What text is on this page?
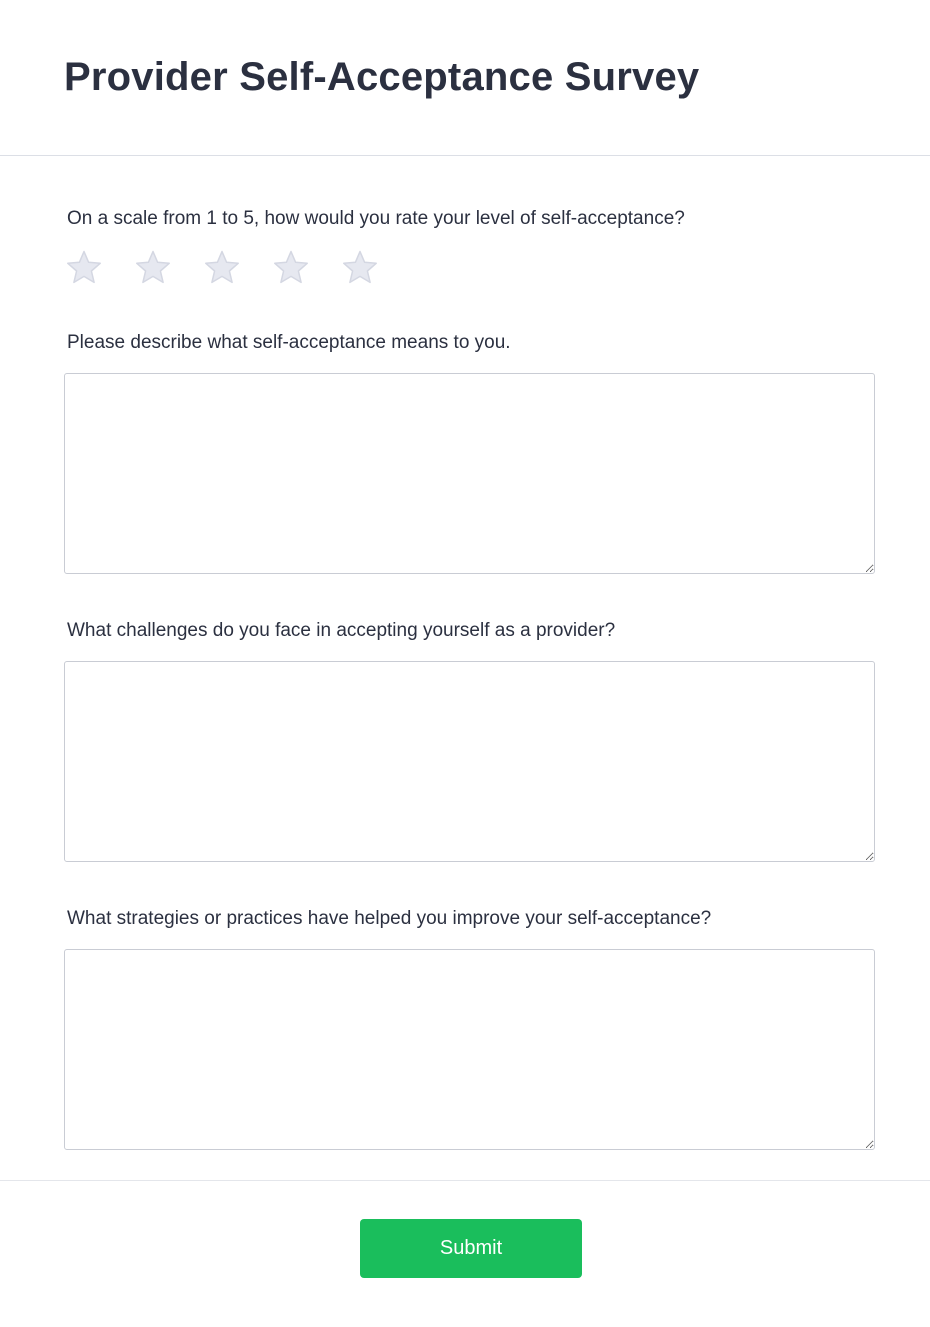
Provider Self-Acceptance Survey
On a scale from 1 to 5, how would you rate your level of self-acceptance?
Please describe what self-acceptance means to you.
What challenges do you face in accepting yourself as a provider?
What strategies or practices have helped you improve your self-acceptance?
Submit
